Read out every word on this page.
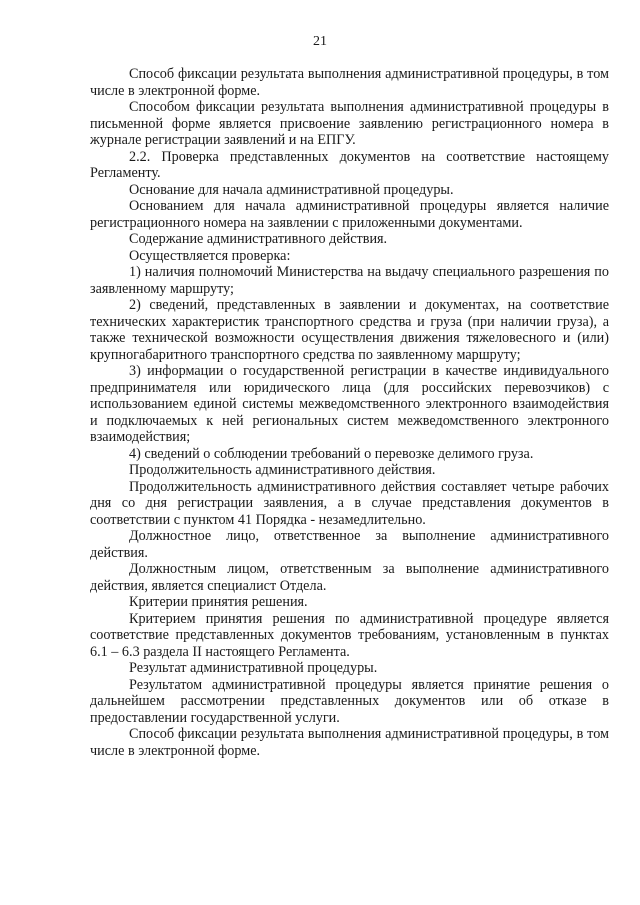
21

Способ фиксации результата выполнения административной процедуры, в том числе в электронной форме.

Способом фиксации результата выполнения административной процедуры в письменной форме является присвоение заявлению регистрационного номера в журнале регистрации заявлений и на ЕПГУ.

2.2. Проверка представленных документов на соответствие настоящему Регламенту.

Основание для начала административной процедуры.

Основанием для начала административной процедуры является наличие регистрационного номера на заявлении с приложенными документами.

Содержание административного действия.

Осуществляется проверка:

1) наличия полномочий Министерства на выдачу специального разрешения по заявленному маршруту;

2) сведений, представленных в заявлении и документах, на соответствие технических характеристик транспортного средства и груза (при наличии груза), а также технической возможности осуществления движения тяжеловесного и (или) крупногабаритного транспортного средства по заявленному маршруту;

3) информации о государственной регистрации в качестве индивидуального предпринимателя или юридического лица (для российских перевозчиков) с использованием единой системы межведомственного электронного взаимодействия и подключаемых к ней региональных систем межведомственного электронного взаимодействия;

4) сведений о соблюдении требований о перевозке делимого груза.

Продолжительность административного действия.

Продолжительность административного действия составляет четыре рабочих дня со дня регистрации заявления, а в случае представления документов в соответствии с пунктом 41 Порядка - незамедлительно.

Должностное лицо, ответственное за выполнение административного действия.

Должностным лицом, ответственным за выполнение административного действия, является специалист Отдела.

Критерии принятия решения.

Критерием принятия решения по административной процедуре является соответствие представленных документов требованиям, установленным в пунктах 6.1 – 6.3 раздела II настоящего Регламента.

Результат административной процедуры.

Результатом административной процедуры является принятие решения о дальнейшем рассмотрении представленных документов или об отказе в предоставлении государственной услуги.

Способ фиксации результата выполнения административной процедуры, в том числе в электронной форме.
